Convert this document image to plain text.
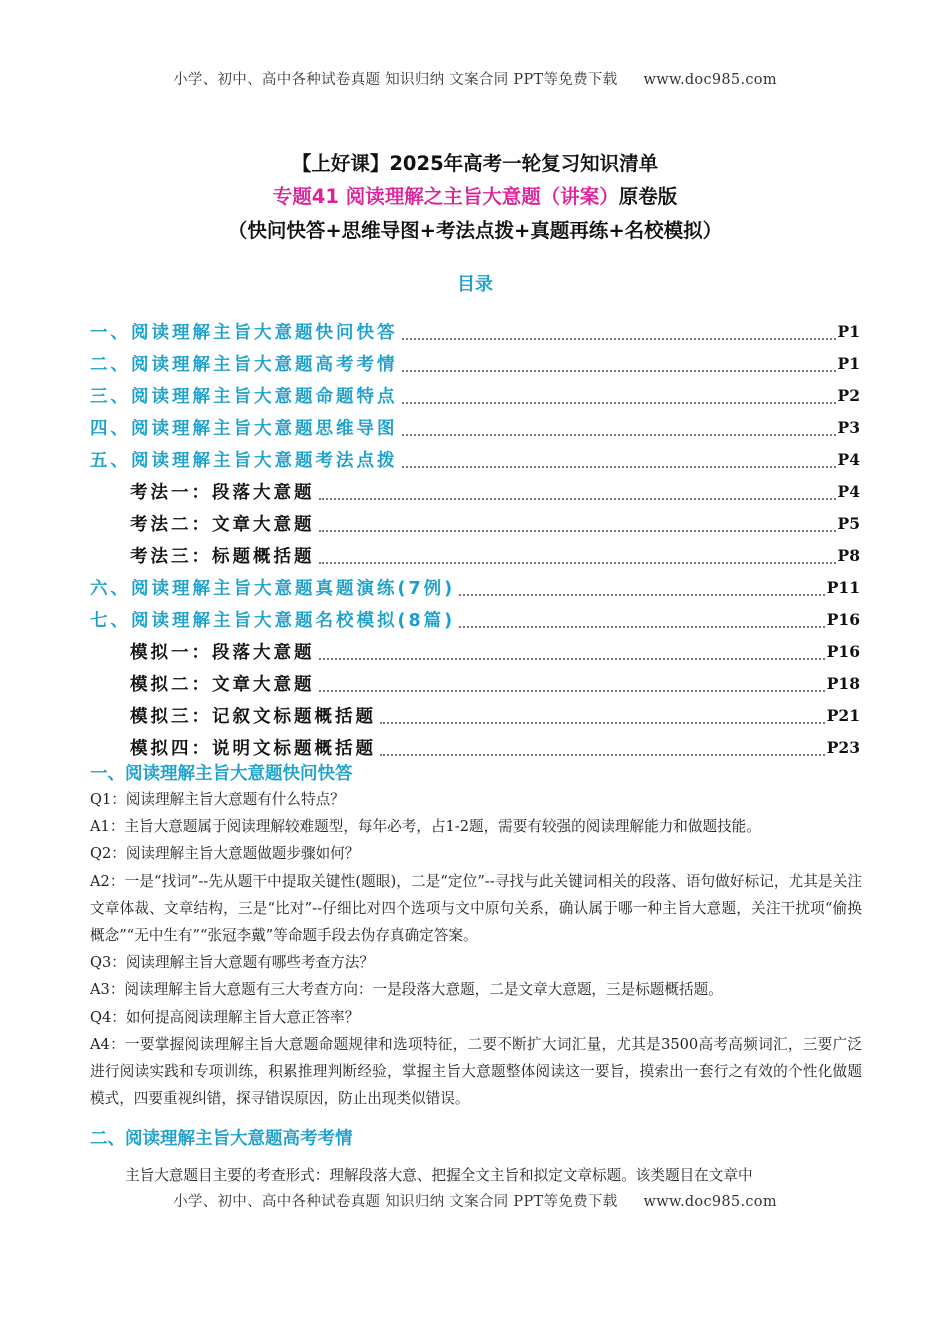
小学、初中、高中各种试卷真题 知识归纳 文案合同 PPT等免费下载 www.doc985.com
【上好课】2025年高考一轮复习知识清单
专题41 阅读理解之主旨大意题（讲案）原卷版
（快问快答+思维导图+考法点拨+真题再练+名校模拟）
目录
一、阅读理解主旨大意题快问快答	P1
二、阅读理解主旨大意题高考考情	P1
三、阅读理解主旨大意题命题特点	P2
四、阅读理解主旨大意题思维导图	P3
五、阅读理解主旨大意题考法点拨	P4
考法一：段落大意题	P4
考法二：文章大意题	P5
考法三：标题概括题	P8
六、阅读理解主旨大意题真题演练(7例)	P11
七、阅读理解主旨大意题名校模拟(8篇)	P16
模拟一：段落大意题	P16
模拟二：文章大意题	P18
模拟三：记叙文标题概括题	P21
模拟四：说明文标题概括题	P23
一、阅读理解主旨大意题快问快答

Q1：阅读理解主旨大意题有什么特点？

A1：主旨大意题属于阅读理解较难题型，每年必考，占1-2题，需要有较强的阅读理解能力和做题技能。

Q2：阅读理解主旨大意题做题步骤如何？

A2：一是“找词”--先从题干中提取关键性(题眼)，二是“定位”--寻找与此关键词相关的段落、语句做好标记，尤其是关注文章体裁、文章结构，三是“比对”--仔细比对四个选项与文中原句关系，确认属于哪一种主旨大意题，关注干扰项“偷换概念”“无中生有”“张冠李戴”等命题手段去伪存真确定答案。

Q3：阅读理解主旨大意题有哪些考查方法？

A3：阅读理解主旨大意题有三大考查方向：一是段落大意题，二是文章大意题，三是标题概括题。

Q4：如何提高阅读理解主旨大意正答率？

A4：一要掌握阅读理解主旨大意题命题规律和选项特征，二要不断扩大词汇量，尤其是3500高考高频词汇，三要广泛进行阅读实践和专项训练，积累推理判断经验，掌握主旨大意题整体阅读这一要旨，摸索出一套行之有效的个性化做题模式，四要重视纠错，探寻错误原因，防止出现类似错误。

二、阅读理解主旨大意题高考考情

主旨大意题目主要的考查形式：理解段落大意、把握全文主旨和拟定文章标题。该类题目在文章中

小学、初中、高中各种试卷真题 知识归纳 文案合同 PPT等免费下载 www.doc985.com
